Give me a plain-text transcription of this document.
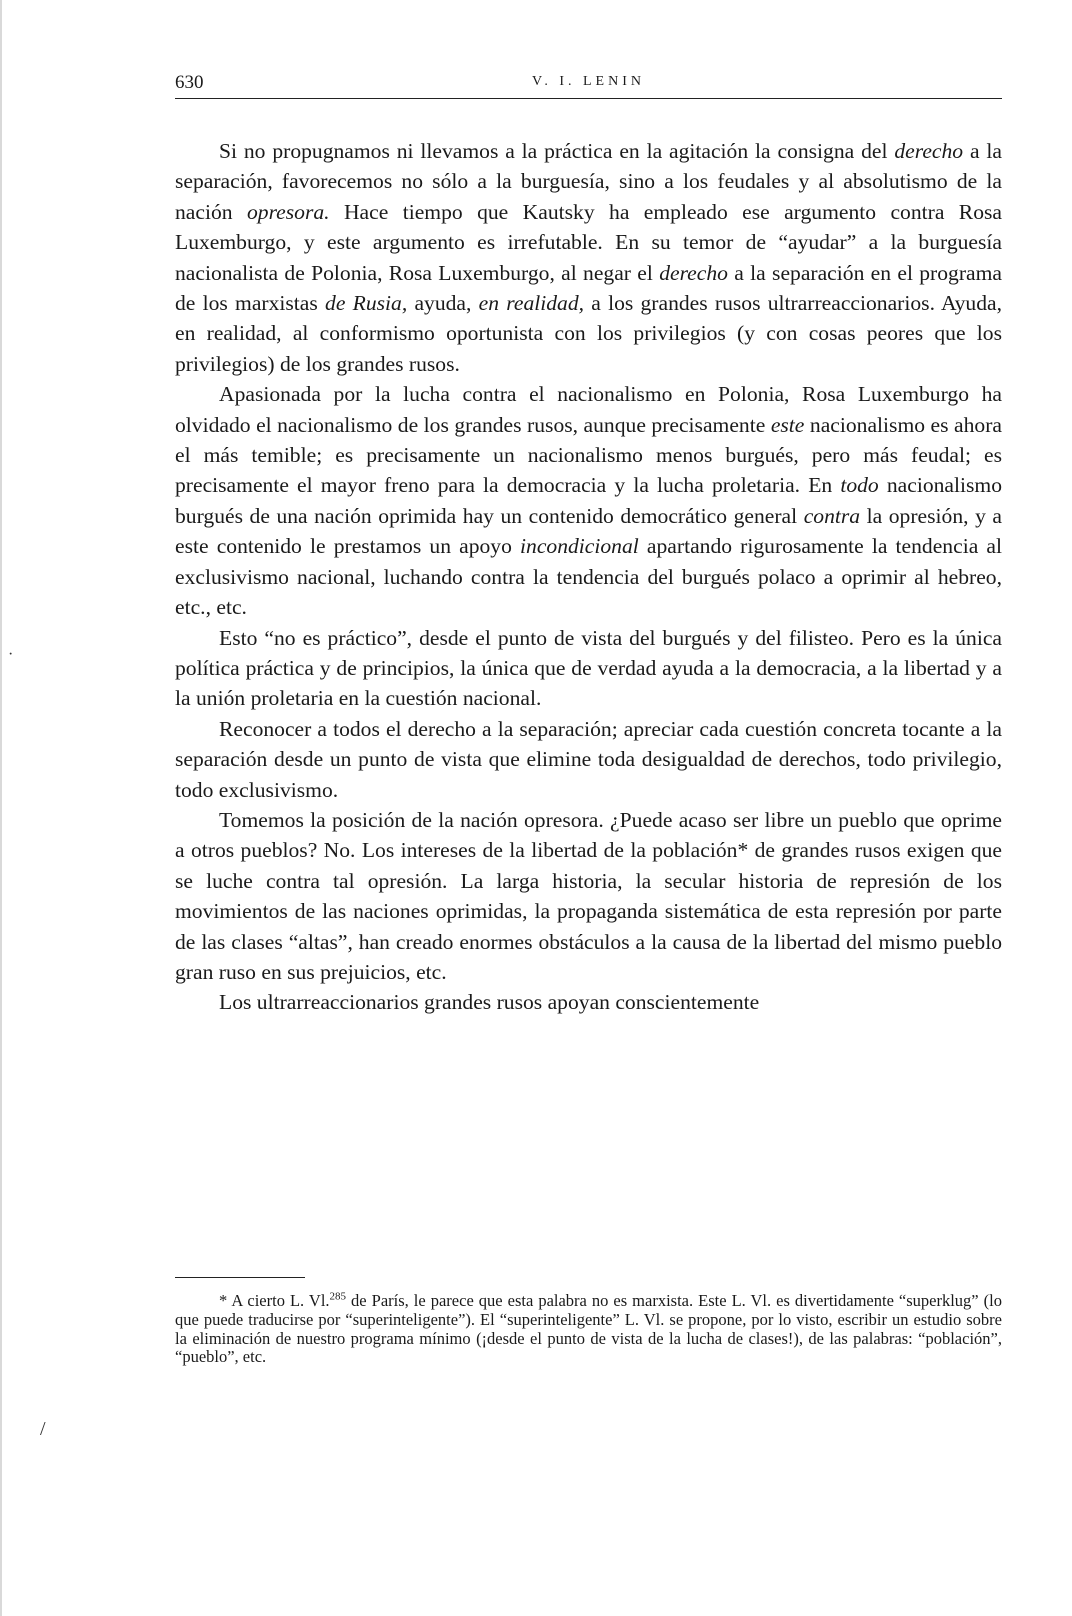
630	V. I. LENIN

Si no propugnamos ni llevamos a la práctica en la agitación la consigna del derecho a la separación, favorecemos no sólo a la burguesía, sino a los feudales y al absolutismo de la nación opresora. Hace tiempo que Kautsky ha empleado ese argumento contra Rosa Luxemburgo, y este argumento es irrefutable. En su temor de “ayudar” a la burguesía nacionalista de Polonia, Rosa Luxemburgo, al negar el derecho a la separación en el programa de los marxistas de Rusia, ayuda, en realidad, a los grandes rusos ultrarreaccionarios. Ayuda, en realidad, al conformismo oportunista con los privilegios (y con cosas peores que los privilegios) de los grandes rusos.

Apasionada por la lucha contra el nacionalismo en Polonia, Rosa Luxemburgo ha olvidado el nacionalismo de los grandes rusos, aunque precisamente este nacionalismo es ahora el más temible; es precisamente un nacionalismo menos burgués, pero más feudal; es precisamente el mayor freno para la democracia y la lucha proletaria. En todo nacionalismo burgués de una nación oprimida hay un contenido democrático general contra la opresión, y a este contenido le prestamos un apoyo incondicional apartando rigurosamente la tendencia al exclusivismo nacional, luchando contra la tendencia del burgués polaco a oprimir al hebreo, etc., etc.

Esto “no es práctico”, desde el punto de vista del burgués y del filisteo. Pero es la única política práctica y de principios, la única que de verdad ayuda a la democracia, a la libertad y a la unión proletaria en la cuestión nacional.

Reconocer a todos el derecho a la separación; apreciar cada cuestión concreta tocante a la separación desde un punto de vista que elimine toda desigualdad de derechos, todo privilegio, todo exclusivismo.

Tomemos la posición de la nación opresora. ¿Puede acaso ser libre un pueblo que oprime a otros pueblos? No. Los intereses de la libertad de la población* de grandes rusos exigen que se luche contra tal opresión. La larga historia, la secular historia de represión de los movimientos de las naciones oprimidas, la propaganda sistemática de esta represión por parte de las clases “altas”, han creado enormes obstáculos a la causa de la libertad del mismo pueblo gran ruso en sus prejuicios, etc.

Los ultrarreaccionarios grandes rusos apoyan conscientemente

* A cierto L. Vl.$^{285}$ de París, le parece que esta palabra no es marxista. Este L. Vl. es divertidamente “superklug” (lo que puede traducirse por “superinteligente”). El “superinteligente” L. Vl. se propone, por lo visto, escribir un estudio sobre la eliminación de nuestro programa mínimo (¡desde el punto de vista de la lucha de clases!), de las palabras: “población”, “pueblo”, etc.

·
/
